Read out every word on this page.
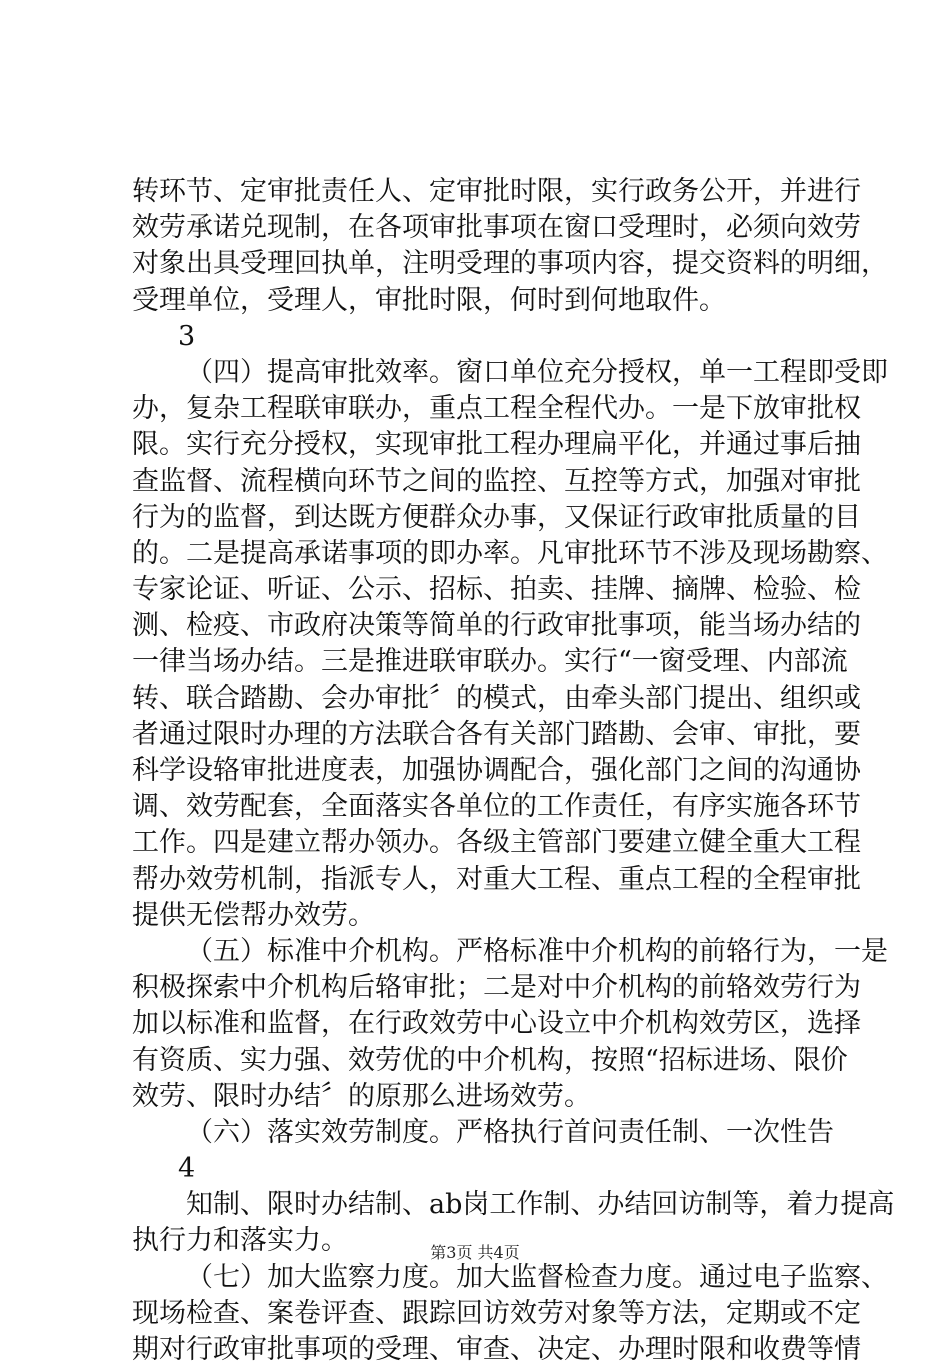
转环节、定审批责任人、定审批时限，实行政务公开，并进行
效劳承诺兑现制，在各项审批事项在窗口受理时，必须向效劳
对象出具受理回执单，注明受理的事项内容，提交资料的明细，
受理单位，受理人，审批时限，何时到何地取件。
3
（四）提高审批效率。窗口单位充分授权，单一工程即受即
办，复杂工程联审联办，重点工程全程代办。一是下放审批权
限。实行充分授权，实现审批工程办理扁平化，并通过事后抽
查监督、流程横向环节之间的监控、互控等方式，加强对审批
行为的监督，到达既方便群众办事，又保证行政审批质量的目
的。二是提高承诺事项的即办率。凡审批环节不涉及现场勘察、
专家论证、听证、公示、招标、拍卖、挂牌、摘牌、检验、检
测、检疫、市政府决策等简单的行政审批事项，能当场办结的
一律当场办结。三是推进联审联办。实行“一窗受理、内部流
转、联合踏勘、会办审批〞的模式，由牵头部门提出、组织或
者通过限时办理的方法联合各有关部门踏勘、会审、审批，要
科学设辂审批进度表，加强协调配合，强化部门之间的沟通协
调、效劳配套，全面落实各单位的工作责任，有序实施各环节
工作。四是建立帮办领办。各级主管部门要建立健全重大工程
帮办效劳机制，指派专人，对重大工程、重点工程的全程审批
提供无偿帮办效劳。
（五）标准中介机构。严格标准中介机构的前辂行为，一是
积极探索中介机构后辂审批；二是对中介机构的前辂效劳行为
加以标准和监督，在行政效劳中心设立中介机构效劳区，选择
有资质、实力强、效劳优的中介机构，按照“招标进场、限价
效劳、限时办结〞的原那么进场效劳。
（六）落实效劳制度。严格执行首问责任制、一次性告
4
知制、限时办结制、ab岗工作制、办结回访制等，着力提高
执行力和落实力。
（七）加大监察力度。加大监督检查力度。通过电子监察、
现场检查、案卷评查、跟踪回访效劳对象等方法，定期或不定
期对行政审批事项的受理、审查、决定、办理时限和收费等情
第3页 共4页
